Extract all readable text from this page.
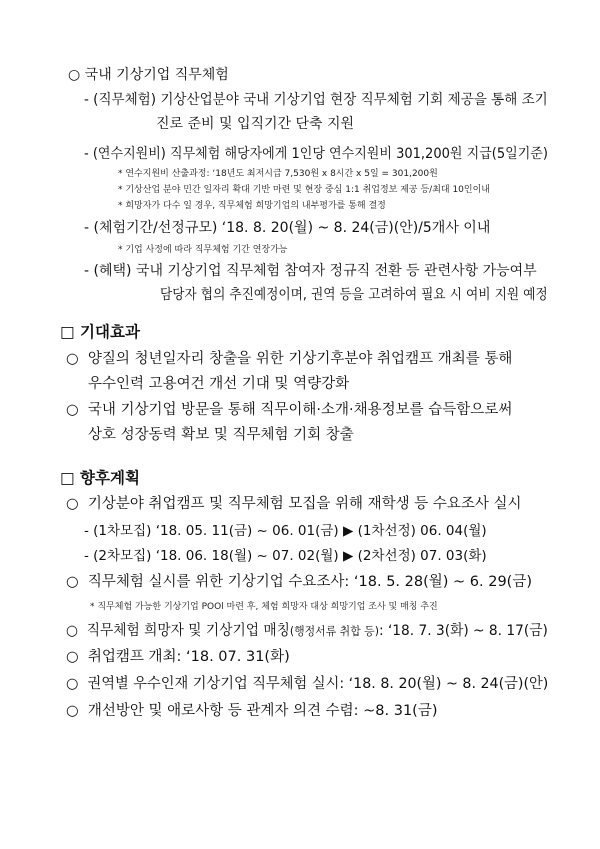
○ 국내 기상기업 직무체험
- (직무체험) 기상산업분야 국내 기상기업 현장 직무체험 기회 제공을 통해 조기
진로 준비 및 입직기간 단축 지원
- (연수지원비) 직무체험 해당자에게 1인당 연수지원비 301,200원 지급(5일기준)
* 연수지원비 산출과정: ‘18년도 최저시급 7,530원 x 8시간 x 5일 = 301,200원
* 기상산업 분야 민간 일자리 확대 기반 마련 및 현장 중심 1:1 취업정보 제공 등/최대 10인이내
* 희망자가 다수 일 경우, 직무체험 희망기업의 내부평가를 통해 결정
- (체험기간/선정규모) ‘18. 8. 20(월) ~ 8. 24(금)(안)/5개사 이내
* 기업 사정에 따라 직무체험 기간 연장가능
- (혜택) 국내 기상기업 직무체험 참여자 정규직 전환 등 관련사항 가능여부
담당자 협의 추진예정이며, 권역 등을 고려하여 필요 시 여비 지원 예정
□ 기대효과
○ 양질의 청년일자리 창출을 위한 기상기후분야 취업캠프 개최를 통해
우수인력 고용여건 개선 기대 및 역량강화
○ 국내 기상기업 방문을 통해 직무이해·소개·채용정보를 습득함으로써
상호 성장동력 확보 및 직무체험 기회 창출
□ 향후계획
○ 기상분야 취업캠프 및 직무체험 모집을 위해 재학생 등 수요조사 실시
- (1차모집) ‘18. 05. 11(금) ~ 06. 01(금) ▶ (1차선정) 06. 04(월)
- (2차모집) ‘18. 06. 18(월) ~ 07. 02(월) ▶ (2차선정) 07. 03(화)
○ 직무체험 실시를 위한 기상기업 수요조사: ‘18. 5. 28(월) ~ 6. 29(금)
* 직무체험 가능한 기상기업 POOl 마련 후, 체험 희망자 대상 희망기업 조사 및 매칭 추진
○ 직무체험 희망자 및 기상기업 매칭(행정서류 취합 등): ‘18. 7. 3(화) ~ 8. 17(금)
○ 취업캠프 개최: ‘18. 07. 31(화)
○ 권역별 우수인재 기상기업 직무체험 실시: ‘18. 8. 20(월) ~ 8. 24(금)(안)
○ 개선방안 및 애로사항 등 관계자 의견 수렴: ~8. 31(금)
